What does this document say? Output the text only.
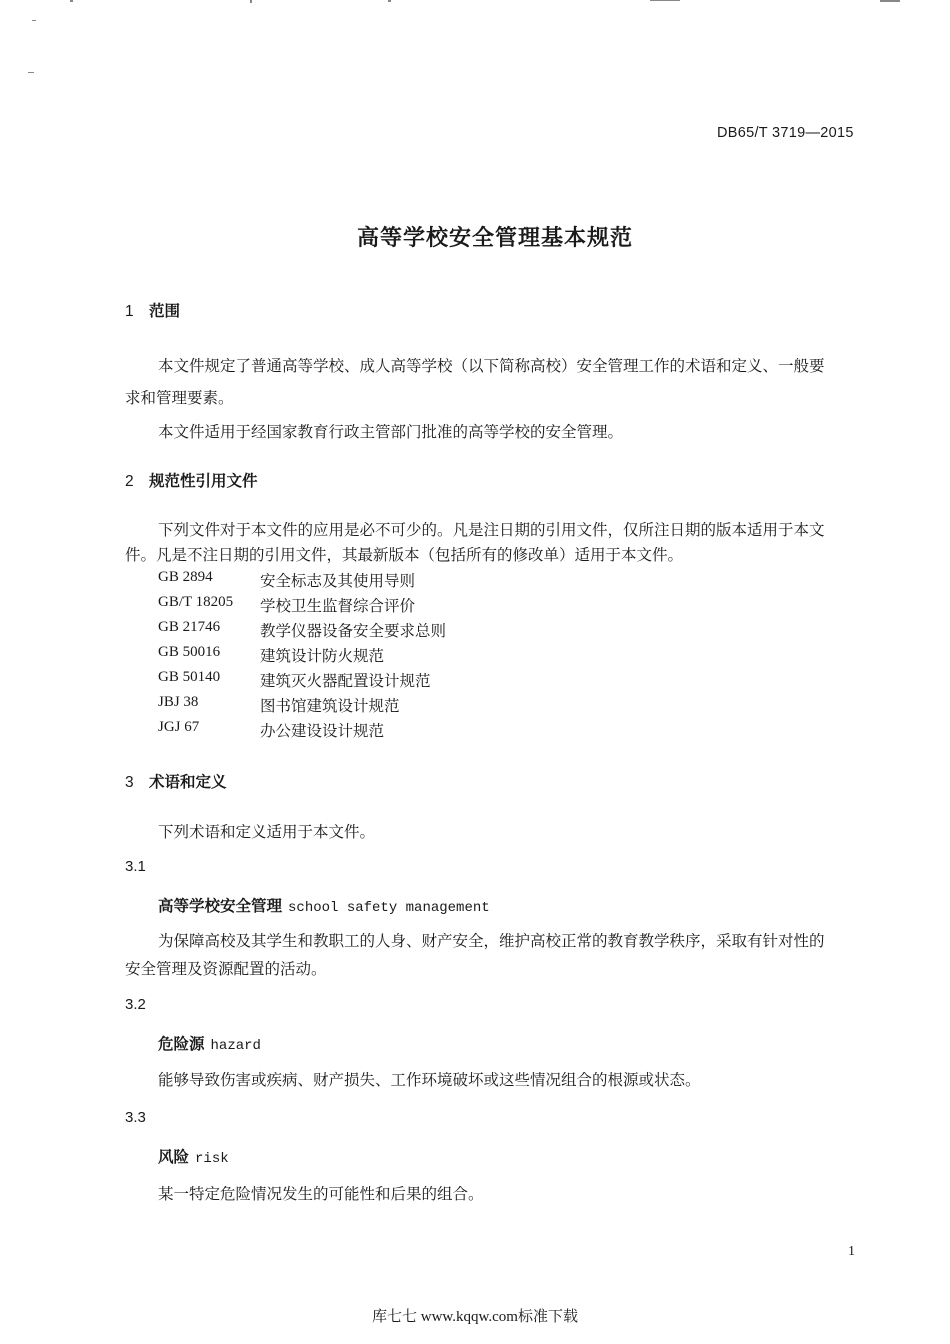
DB65/T 3719—2015
高等学校安全管理基本规范
1 范围
本文件规定了普通高等学校、成人高等学校（以下简称高校）安全管理工作的术语和定义、一般要
求和管理要素。
本文件适用于经国家教育行政主管部门批准的高等学校的安全管理。
2 规范性引用文件
下列文件对于本文件的应用是必不可少的。凡是注日期的引用文件，仅所注日期的版本适用于本文
件。凡是不注日期的引用文件，其最新版本（包括所有的修改单）适用于本文件。
GB 2894	安全标志及其使用导则
GB/T 18205 学校卫生监督综合评价
GB 21746	教学仪器设备安全要求总则
GB 50016	建筑设计防火规范
GB 50140	建筑灭火器配置设计规范
JBJ 38	图书馆建筑设计规范
JGJ 67	办公建设设计规范
3 术语和定义
下列术语和定义适用于本文件。
3.1
高等学校安全管理 school safety management
为保障高校及其学生和教职工的人身、财产安全，维护高校正常的教育教学秩序，采取有针对性的
安全管理及资源配置的活动。
3.2
危险源 hazard
能够导致伤害或疾病、财产损失、工作环境破坏或这些情况组合的根源或状态。
3.3
风险 risk
某一特定危险情况发生的可能性和后果的组合。
1
库七七 www.kqqw.com标准下载
